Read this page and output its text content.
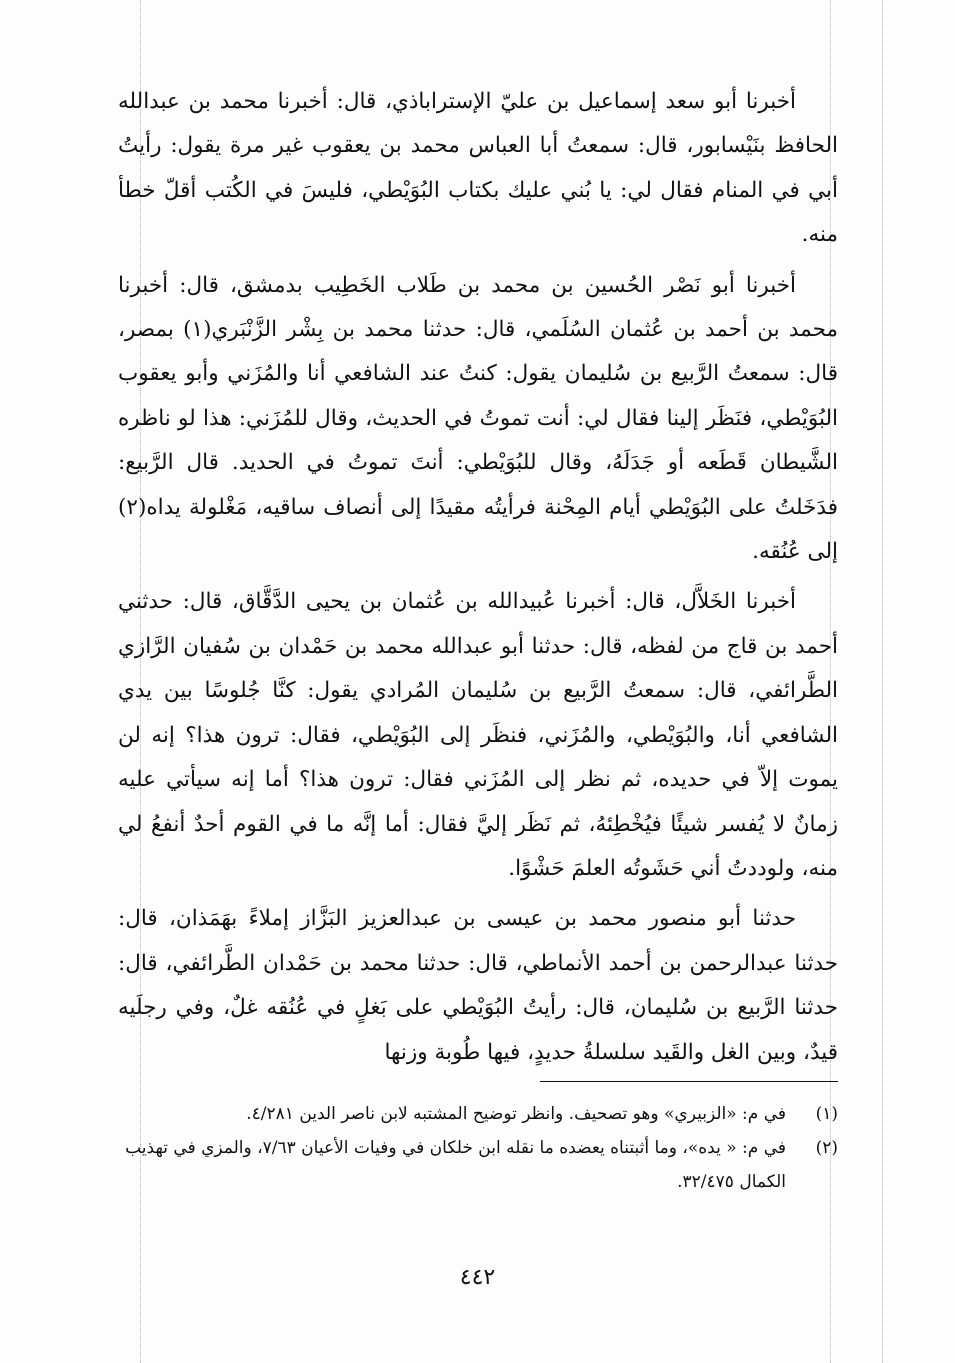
أخبرنا أبو سعد إسماعيل بن عليّ الإستراباذي، قال: أخبرنا محمد بن عبدالله الحافظ بنَيْسابور، قال: سمعتُ أبا العباس محمد بن يعقوب غير مرة يقول: رأيتُ أبي في المنام فقال لي: يا بُني عليك بكتاب البُوَيْطي، فليسَ في الكُتب أقلّ خطأ منه.

أخبرنا أبو نَصْر الحُسين بن محمد بن طَلاب الخَطِيب بدمشق، قال: أخبرنا محمد بن أحمد بن عُثمان السُلَمي، قال: حدثنا محمد بن بِشْر الزَّنْبَري(١) بمصر، قال: سمعتُ الرَّبيع بن سُليمان يقول: كنتُ عند الشافعي أنا والمُزَني وأبو يعقوب البُوَيْطي، فنَظَر إلينا فقال لي: أنت تموتُ في الحديث، وقال للمُزَني: هذا لو ناظره الشَّيطان قَطَعه أو جَدَلَهُ، وقال للبُوَيْطي: أنتَ تموتُ في الحديد. قال الرَّبيع: فدَخَلتُ على البُوَيْطي أيام المِحْنة فرأيتُه مقيدًا إلى أنصاف ساقيه، مَغْلولة يداه(٢) إلى عُنُقه.

أخبرنا الخَلاَّل، قال: أخبرنا عُبيدالله بن عُثمان بن يحيى الدَّقَّاق، قال: حدثني أحمد بن قاج من لفظه، قال: حدثنا أبو عبدالله محمد بن حَمْدان بن سُفيان الرَّازي الطَّرائفي، قال: سمعتُ الرَّبيع بن سُليمان المُرادي يقول: كنَّا جُلوسًا بين يدي الشافعي أنا، والبُوَيْطي، والمُزَني، فنظَر إلى البُوَيْطي، فقال: ترون هذا؟ إنه لن يموت إلاّ في حديده، ثم نظر إلى المُزَني فقال: ترون هذا؟ أما إنه سيأتي عليه زمانٌ لا يُفسر شيئًا فيُخْطِئهُ، ثم نَظَر إليَّ فقال: أما إنَّه ما في القوم أحدٌ أنفعُ لي منه، ولوددتُ أني حَشَوتُه العلمَ حَشْوًا.

حدثنا أبو منصور محمد بن عيسى بن عبدالعزيز البَزَّاز إملاءً بهَمَذان، قال: حدثنا عبدالرحمن بن أحمد الأنماطي، قال: حدثنا محمد بن حَمْدان الطَّرائفي، قال: حدثنا الرَّبيع بن سُليمان، قال: رأيتُ البُوَيْطي على بَغلٍ في عُنُقه غلٌ، وفي رجلَيه قيدٌ، وبين الغل والقَيد سلسلةُ حديدٍ، فيها طُوبة وزنها

(١)
في م: «الزبيري» وهو تصحيف. وانظر توضيح المشتبه لابن ناصر الدين ٤/٢٨١.

(٢)
في م: « يده»، وما أثبتناه يعضده ما نقله ابن خلكان في وفيات الأعيان ٧/٦٣، والمزي في تهذيب الكمال ٣٢/٤٧٥.

٤٤٢
